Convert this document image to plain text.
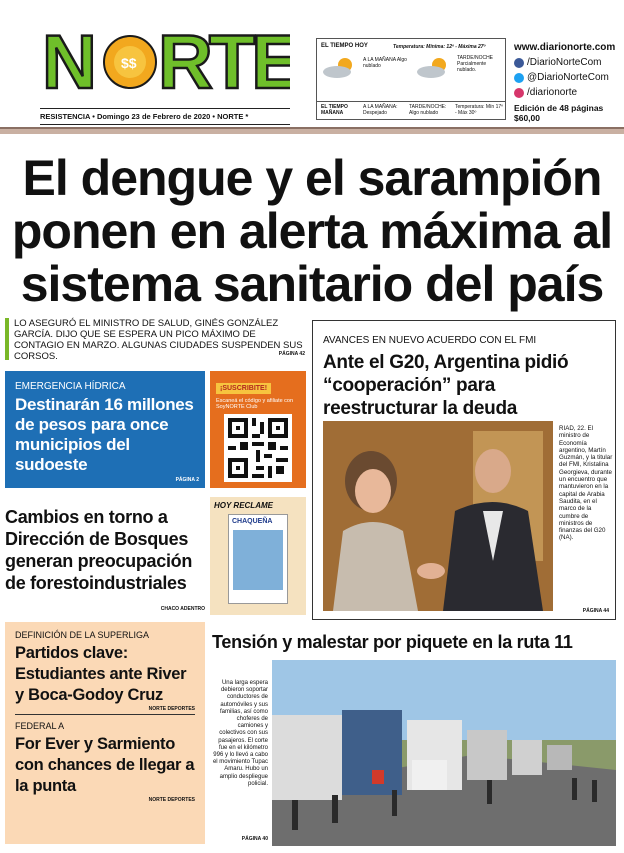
N $$ RTE
RESISTENCIA • Domingo 23 de Febrero de 2020 • NORTE *
EL TIEMPO HOY	Temperatura: Mínima: 12º - Máxima 27º
A LA MAÑANA Algo nublado
TARDE/NOCHE Parcialmente nublado.
EL TIEMPO MAÑANA
A LA MAÑANA: Despejado
TARDE/NOCHE: Algo nublado
Temperatura: Mín 17º - Máx 30º
www.diarionorte.com
/DiarioNorteCom
@DiarioNorteCom
/diarionorte
Edición de 48 páginas
$60,00
El dengue y el sarampión ponen en alerta máxima al sistema sanitario del país
LO ASEGURÓ EL MINISTRO DE SALUD, GINÉS GONZÁLEZ GARCÍA. DIJO QUE SE ESPERA UN PICO MÁXIMO DE CONTAGIO EN MARZO. ALGUNAS CIUDADES SUSPENDEN SUS CORSOS.	PÁGINA 42
AVANCES EN NUEVO ACUERDO CON EL FMI
Ante el G20, Argentina pidió “cooperación” para reestructurar la deuda
RIAD, 22. El ministro de Economía argentino, Martín Guzmán, y la titular del FMI, Kristalina Georgieva, durante un encuentro que mantuvieron en la capital de Arabia Saudita, en el marco de la cumbre de ministros de finanzas del G20 (NA).
PÁGINA 44
EMERGENCIA HÍDRICA
Destinarán 16 millones de pesos para once municipios del sudoeste
PÁGINA 2
¡SUSCRIBITE!
Escaneá el código y afiliate con SoyNORTE Club
Cambios en torno a Dirección de Bosques generan preocupación de forestoindustriales
CHACO ADENTRO
HOY RECLAME
CHAQUEÑA
DEFINICIÓN DE LA SUPERLIGA
Partidos clave: Estudiantes ante River y Boca-Godoy Cruz
NORTE DEPORTES
FEDERAL A
For Ever y Sarmiento con chances de llegar a la punta
NORTE DEPORTES
Tensión y malestar por piquete en la ruta 11
Una larga espera debieron soportar conductores de automóviles y sus familias, así como choferes de camiones y colectivos con sus pasajeros. El corte fue en el kilómetro 996 y lo llevó a cabo el movimiento Tupac Amaru. Hubo un amplio despliegue policial.
PÁGINA 40
